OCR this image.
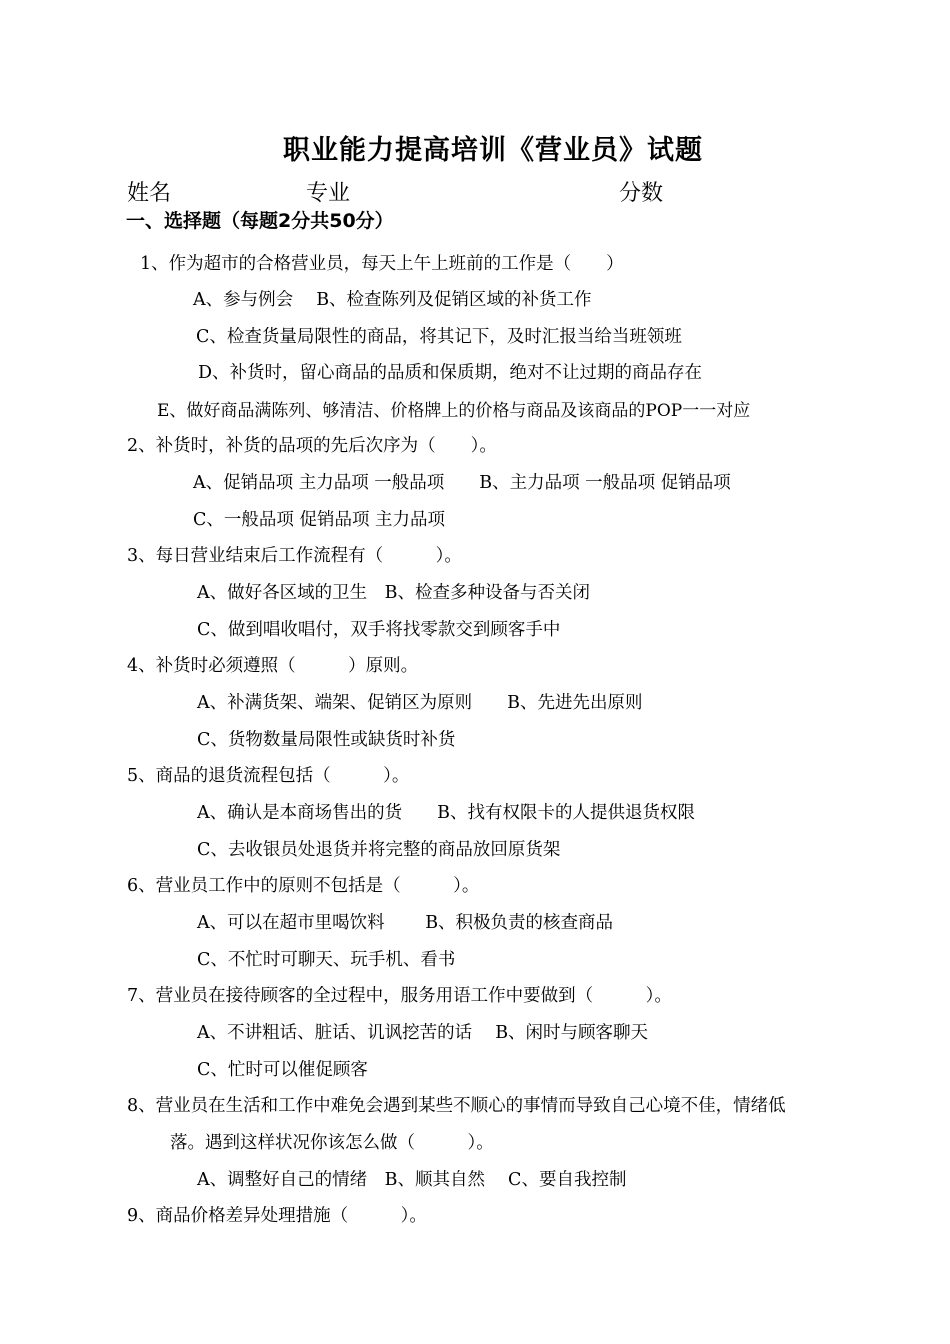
职业能力提高培训《营业员》试题
姓名	专业	分数
一、选择题（每题2分共50分）
1、作为超市的合格营业员，每天上午上班前的工作是（　　）
A、参与例会　 B、检查陈列及促销区域的补货工作
C、检查货量局限性的商品，将其记下，及时汇报当给当班领班
D、补货时，留心商品的品质和保质期，绝对不让过期的商品存在
E、做好商品满陈列、够清洁、价格牌上的价格与商品及该商品的POP一一对应
2、补货时，补货的品项的先后次序为（　　）。
A、促销品项 主力品项 一般品项　　B、主力品项 一般品项 促销品项
C、一般品项 促销品项 主力品项
3、每日营业结束后工作流程有（　　　）。
A、做好各区域的卫生　B、检查多种设备与否关闭
C、做到唱收唱付，双手将找零款交到顾客手中
4、补货时必须遵照（　　　）原则。
A、补满货架、端架、促销区为原则　　B、先进先出原则
C、货物数量局限性或缺货时补货
5、商品的退货流程包括（　　　）。
A、确认是本商场售出的货　　B、找有权限卡的人提供退货权限
C、去收银员处退货并将完整的商品放回原货架
6、营业员工作中的原则不包括是（　　　）。
A、可以在超市里喝饮料　　 B、积极负责的核查商品
C、不忙时可聊天、玩手机、看书
7、营业员在接待顾客的全过程中，服务用语工作中要做到（　　　）。
A、不讲粗话、脏话、讥讽挖苦的话　 B、闲时与顾客聊天
C、忙时可以催促顾客
8、营业员在生活和工作中难免会遇到某些不顺心的事情而导致自己心境不佳，情绪低
落。遇到这样状况你该怎么做（　　　）。
A、调整好自己的情绪　B、顺其自然　 C、要自我控制
9、商品价格差异处理措施（　　　）。
